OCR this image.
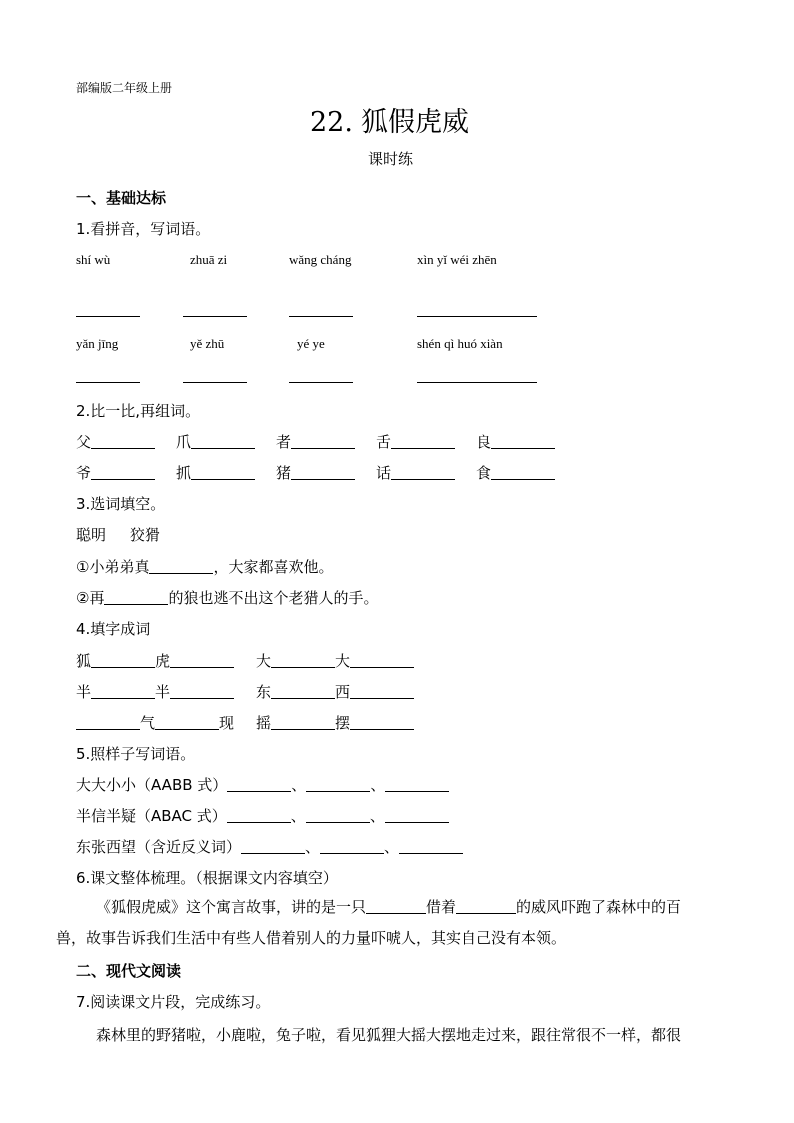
部编版二年级上册
22. 狐假虎威
课时练
一、基础达标
1.看拼音，写词语。
shí wù	zhuā zi	wǎng cháng	xìn yǐ wéi zhēn
yǎn jīng	yě zhū	yé ye	shén qì huó xiàn
2.比一比,再组词。
父	爪	者	舌	良
爷	抓	猪	话	食
3.选词填空。
聪明     狡猾
①小弟弟真	，大家都喜欢他。
②再	的狼也逃不出这个老猎人的手。
4.填字成词
狐	虎	大	大
半	半	东	西
气	现 摇	摆
5.照样子写词语。
大大小小（AABB 式）	、	、
半信半疑（ABAC 式）	、	、
东张西望（含近反义词）	、	、
6.课文整体梳理。（根据课文内容填空）
《狐假虎威》这个寓言故事，讲的是一只	借着	的威风吓跑了森林中的百
兽，故事告诉我们生活中有些人借着别人的力量吓唬人，其实自己没有本领。
二、现代文阅读
7.阅读课文片段，完成练习。
森林里的野猪啦，小鹿啦，兔子啦，看见狐狸大摇大摆地走过来，跟往常很不一样，都很
